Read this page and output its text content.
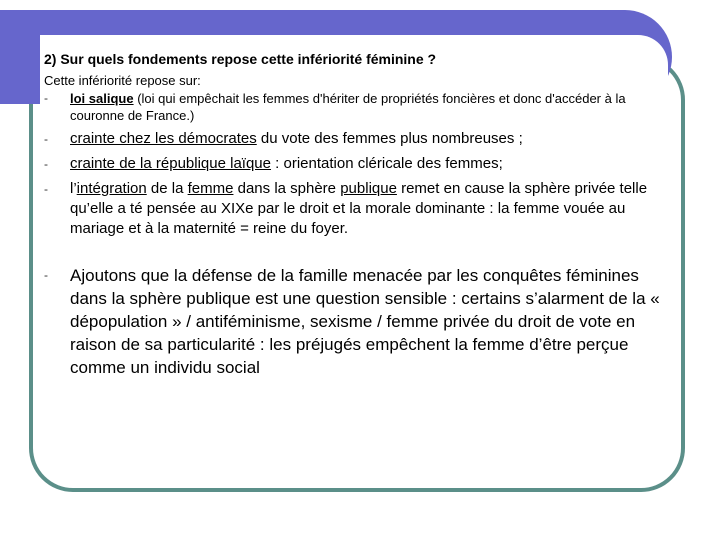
2) Sur quels fondements repose cette infériorité féminine ?

Cette infériorité repose sur:

- loi salique (loi qui empêchait les femmes d'hériter de propriétés foncières et donc d'accéder à la couronne de France.)
- crainte chez les démocrates du vote des femmes plus nombreuses ;
- crainte de la république laïque : orientation cléricale des femmes;
- l’intégration de la femme dans la sphère publique remet en cause la sphère privée telle qu’elle a té pensée au XIXe par le droit et la morale dominante : la femme vouée au mariage et à la maternité = reine du foyer.
- Ajoutons que la défense de la famille menacée par les conquêtes féminines dans la sphère publique est une question sensible : certains s’alarment de la « dépopulation » / antiféminisme, sexisme / femme privée du droit de vote en raison de sa particularité : les préjugés empêchent la femme d’être perçue comme un individu social
